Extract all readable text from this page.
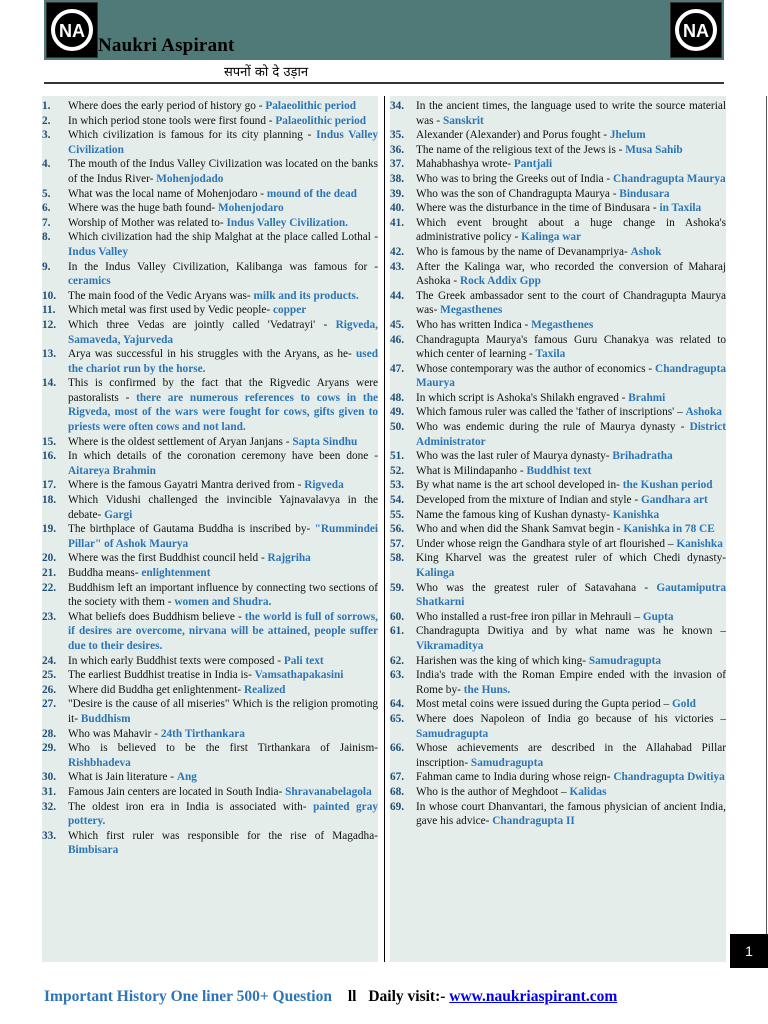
सपनों को दे उड़ान
NA
Naukri Aspirant
NA
1. Where does the early period of history go - Palaeolithic period
2. In which period stone tools were first found - Palaeolithic period
3. Which civilization is famous for its city planning - Indus Valley Civilization
4. The mouth of the Indus Valley Civilization was located on the banks of the Indus River- Mohenjodado
5. What was the local name of Mohenjodaro - mound of the dead
6. Where was the huge bath found- Mohenjodaro
7. Worship of Mother was related to- Indus Valley Civilization.
8. Which civilization had the ship Malghat at the place called Lothal - Indus Valley
9. In the Indus Valley Civilization, Kalibanga was famous for - ceramics
10. The main food of the Vedic Aryans was- milk and its products.
11. Which metal was first used by Vedic people- copper
12. Which three Vedas are jointly called 'Vedatrayi' - Rigveda, Samaveda, Yajurveda
13. Arya was successful in his struggles with the Aryans, as he- used the chariot run by the horse.
14. This is confirmed by the fact that the Rigvedic Aryans were pastoralists - there are numerous references to cows in the Rigveda, most of the wars were fought for cows, gifts given to priests were often cows and not land.
15. Where is the oldest settlement of Aryan Janjans - Sapta Sindhu
16. In which details of the coronation ceremony have been done - Aitareya Brahmin
17. Where is the famous Gayatri Mantra derived from - Rigveda
18. Which Vidushi challenged the invincible Yajnavalavya in the debate- Gargi
19. The birthplace of Gautama Buddha is inscribed by- "Rummindei Pillar" of Ashok Maurya
20. Where was the first Buddhist council held - Rajgriha
21. Buddha means- enlightenment
22. Buddhism left an important influence by connecting two sections of the society with them - women and Shudra.
23. What beliefs does Buddhism believe - the world is full of sorrows, if desires are overcome, nirvana will be attained, people suffer due to their desires.
24. In which early Buddhist texts were composed - Pali text
25. The earliest Buddhist treatise in India is- Vamsathapakasini
26. Where did Buddha get enlightenment- Realized
27. "Desire is the cause of all miseries" Which is the religion promoting it- Buddhism
28. Who was Mahavir - 24th Tirthankara
29. Who is believed to be the first Tirthankara of Jainism- Rishbhadeva
30. What is Jain literature - Ang
31. Famous Jain centers are located in South India- Shravanabelagola
32. The oldest iron era in India is associated with- painted gray pottery.
33. Which first ruler was responsible for the rise of Magadha- Bimbisara
34. In the ancient times, the language used to write the source material was - Sanskrit
35. Alexander (Alexander) and Porus fought - Jhelum
36. The name of the religious text of the Jews is - Musa Sahib
37. Mahabhashya wrote- Pantjali
38. Who was to bring the Greeks out of India - Chandragupta Maurya
39. Who was the son of Chandragupta Maurya - Bindusara
40. Where was the disturbance in the time of Bindusara - in Taxila
41. Which event brought about a huge change in Ashoka's administrative policy - Kalinga war
42. Who is famous by the name of Devanampriya- Ashok
43. After the Kalinga war, who recorded the conversion of Maharaj Ashoka - Rock Addix Gpp
44. The Greek ambassador sent to the court of Chandragupta Maurya was- Megasthenes
45. Who has written Indica - Megasthenes
46. Chandragupta Maurya's famous Guru Chanakya was related to which center of learning - Taxila
47. Whose contemporary was the author of economics - Chandragupta Maurya
48. In which script is Ashoka's Shilakh engraved - Brahmi
49. Which famous ruler was called the 'father of inscriptions' – Ashoka
50. Who was endemic during the rule of Maurya dynasty - District Administrator
51. Who was the last ruler of Maurya dynasty- Brihadratha
52. What is Milindapanho - Buddhist text
53. By what name is the art school developed in- the Kushan period
54. Developed from the mixture of Indian and style - Gandhara art
55. Name the famous king of Kushan dynasty- Kanishka
56. Who and when did the Shank Samvat begin - Kanishka in 78 CE
57. Under whose reign the Gandhara style of art flourished – Kanishka
58. King Kharvel was the greatest ruler of which Chedi dynasty- Kalinga
59. Who was the greatest ruler of Satavahana - Gautamiputra Shatkarni
60. Who installed a rust-free iron pillar in Mehrauli – Gupta
61. Chandragupta Dwitiya and by what name was he known – Vikramaditya
62. Harishen was the king of which king- Samudragupta
63. India's trade with the Roman Empire ended with the invasion of Rome by- the Huns.
64. Most metal coins were issued during the Gupta period – Gold
65. Where does Napoleon of India go because of his victories – Samudragupta
66. Whose achievements are described in the Allahabad Pillar inscription- Samudragupta
67. Fahman came to India during whose reign- Chandragupta Dwitiya
68. Who is the author of Meghdoot – Kalidas
69. In whose court Dhanvantari, the famous physician of ancient India, gave his advice- Chandragupta II
1
Important History One liner 500+ Question ll Daily visit:- www.naukriaspirant.com
